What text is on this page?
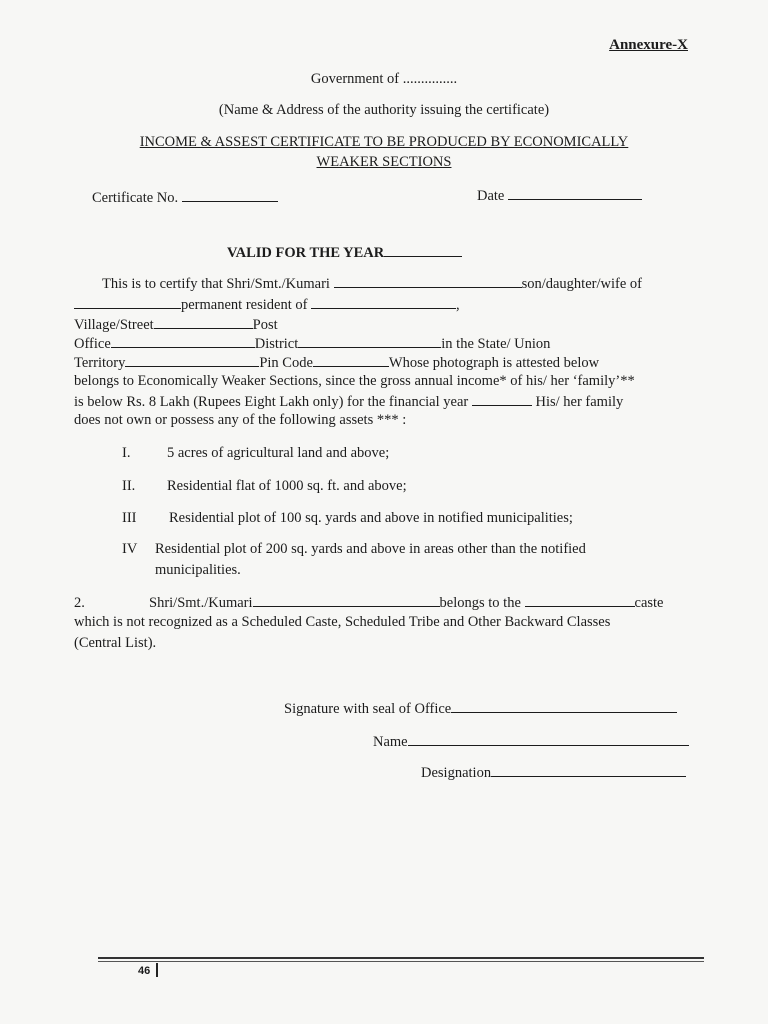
Annexure-X
Government of ...............
(Name & Address of the authority issuing the certificate)
INCOME & ASSEST CERTIFICATE TO BE PRODUCED BY ECONOMICALLY
WEAKER SECTIONS
Certificate No.	Date
VALID FOR THE YEAR
This is to certify that Shri/Smt./Kumari	son/daughter/wife of
permanent resident of	,
Village/Street	Post
Office	District	in the State/ Union
Territory	Pin Code	Whose photograph is attested below
belongs to Economically Weaker Sections, since the gross annual income* of his/ her ‘family’**
is below Rs. 8 Lakh (Rupees Eight Lakh only) for the financial year	His/ her family
does not own or possess any of the following assets *** :
I.	5 acres of agricultural land and above;
II. Residential flat of 1000 sq. ft. and above;
III Residential plot of 100 sq. yards and above in notified municipalities;
IV Residential plot of 200 sq. yards and above in areas other than the notified
municipalities.
2.	Shri/Smt./Kumari	belongs to the	caste
which is not recognized as a Scheduled Caste, Scheduled Tribe and Other Backward Classes
(Central List).
Signature with seal of Office
Name
Designation
46
